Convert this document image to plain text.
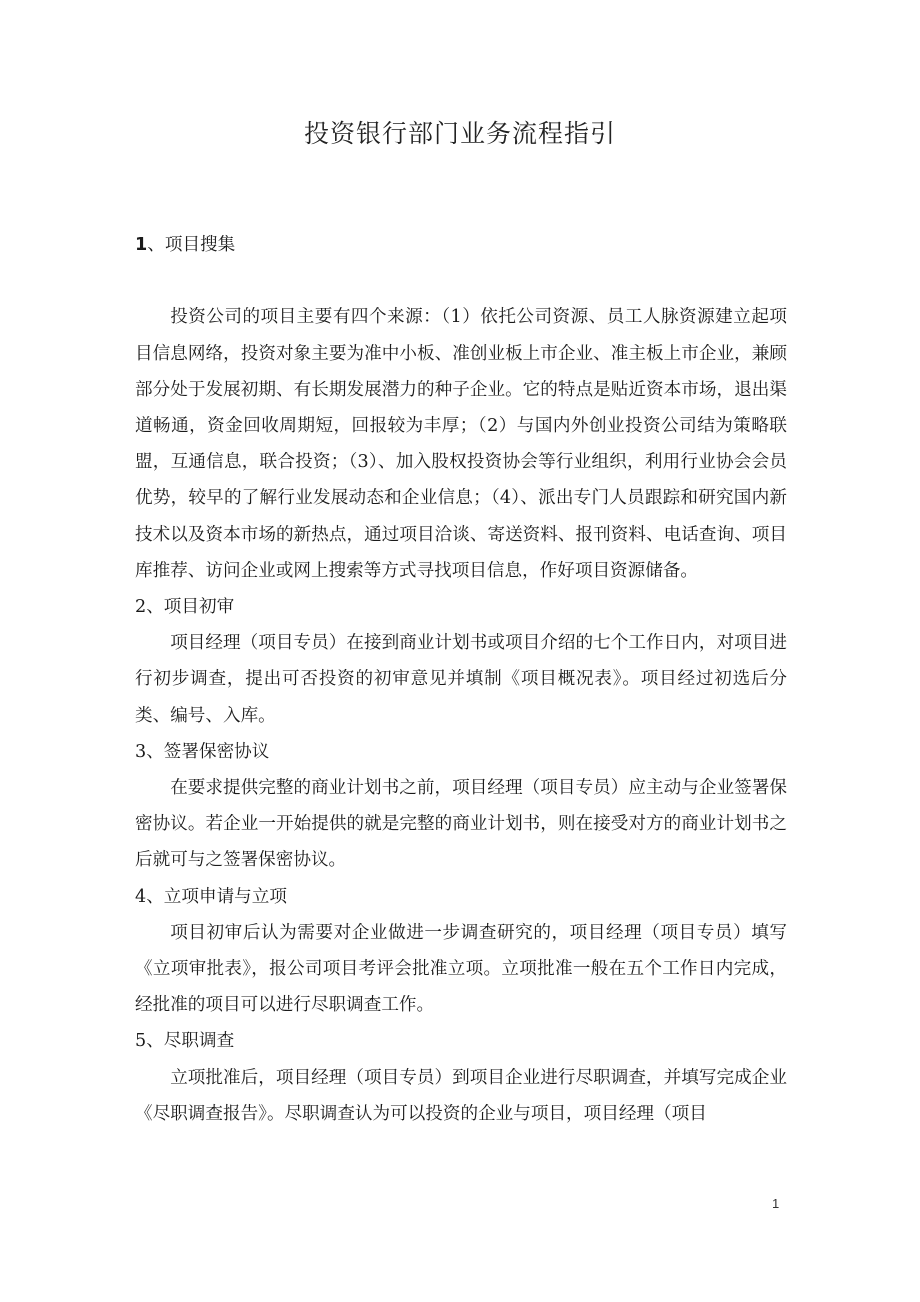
投资银行部门业务流程指引
1、项目搜集

投资公司的项目主要有四个来源：（1）依托公司资源、员工人脉资源建立起项目信息网络，投资对象主要为准中小板、准创业板上市企业、准主板上市企业，兼顾部分处于发展初期、有长期发展潜力的种子企业。它的特点是贴近资本市场，退出渠道畅通，资金回收周期短，回报较为丰厚；（2）与国内外创业投资公司结为策略联盟，互通信息，联合投资；（3）、加入股权投资协会等行业组织，利用行业协会会员优势，较早的了解行业发展动态和企业信息；（4）、派出专门人员跟踪和研究国内新技术以及资本市场的新热点，通过项目洽谈、寄送资料、报刊资料、电话查询、项目库推荐、访问企业或网上搜索等方式寻找项目信息，作好项目资源储备。

2、项目初审

项目经理（项目专员）在接到商业计划书或项目介绍的七个工作日内，对项目进行初步调查，提出可否投资的初审意见并填制《项目概况表》。项目经过初选后分类、编号、入库。

3、签署保密协议

在要求提供完整的商业计划书之前，项目经理（项目专员）应主动与企业签署保密协议。若企业一开始提供的就是完整的商业计划书，则在接受对方的商业计划书之后就可与之签署保密协议。

4、立项申请与立项

项目初审后认为需要对企业做进一步调查研究的，项目经理（项目专员）填写《立项审批表》，报公司项目考评会批准立项。立项批准一般在五个工作日内完成，经批准的项目可以进行尽职调查工作。

5、尽职调查

立项批准后，项目经理（项目专员）到项目企业进行尽职调查，并填写完成企业《尽职调查报告》。尽职调查认为可以投资的企业与项目，项目经理（项目

1
